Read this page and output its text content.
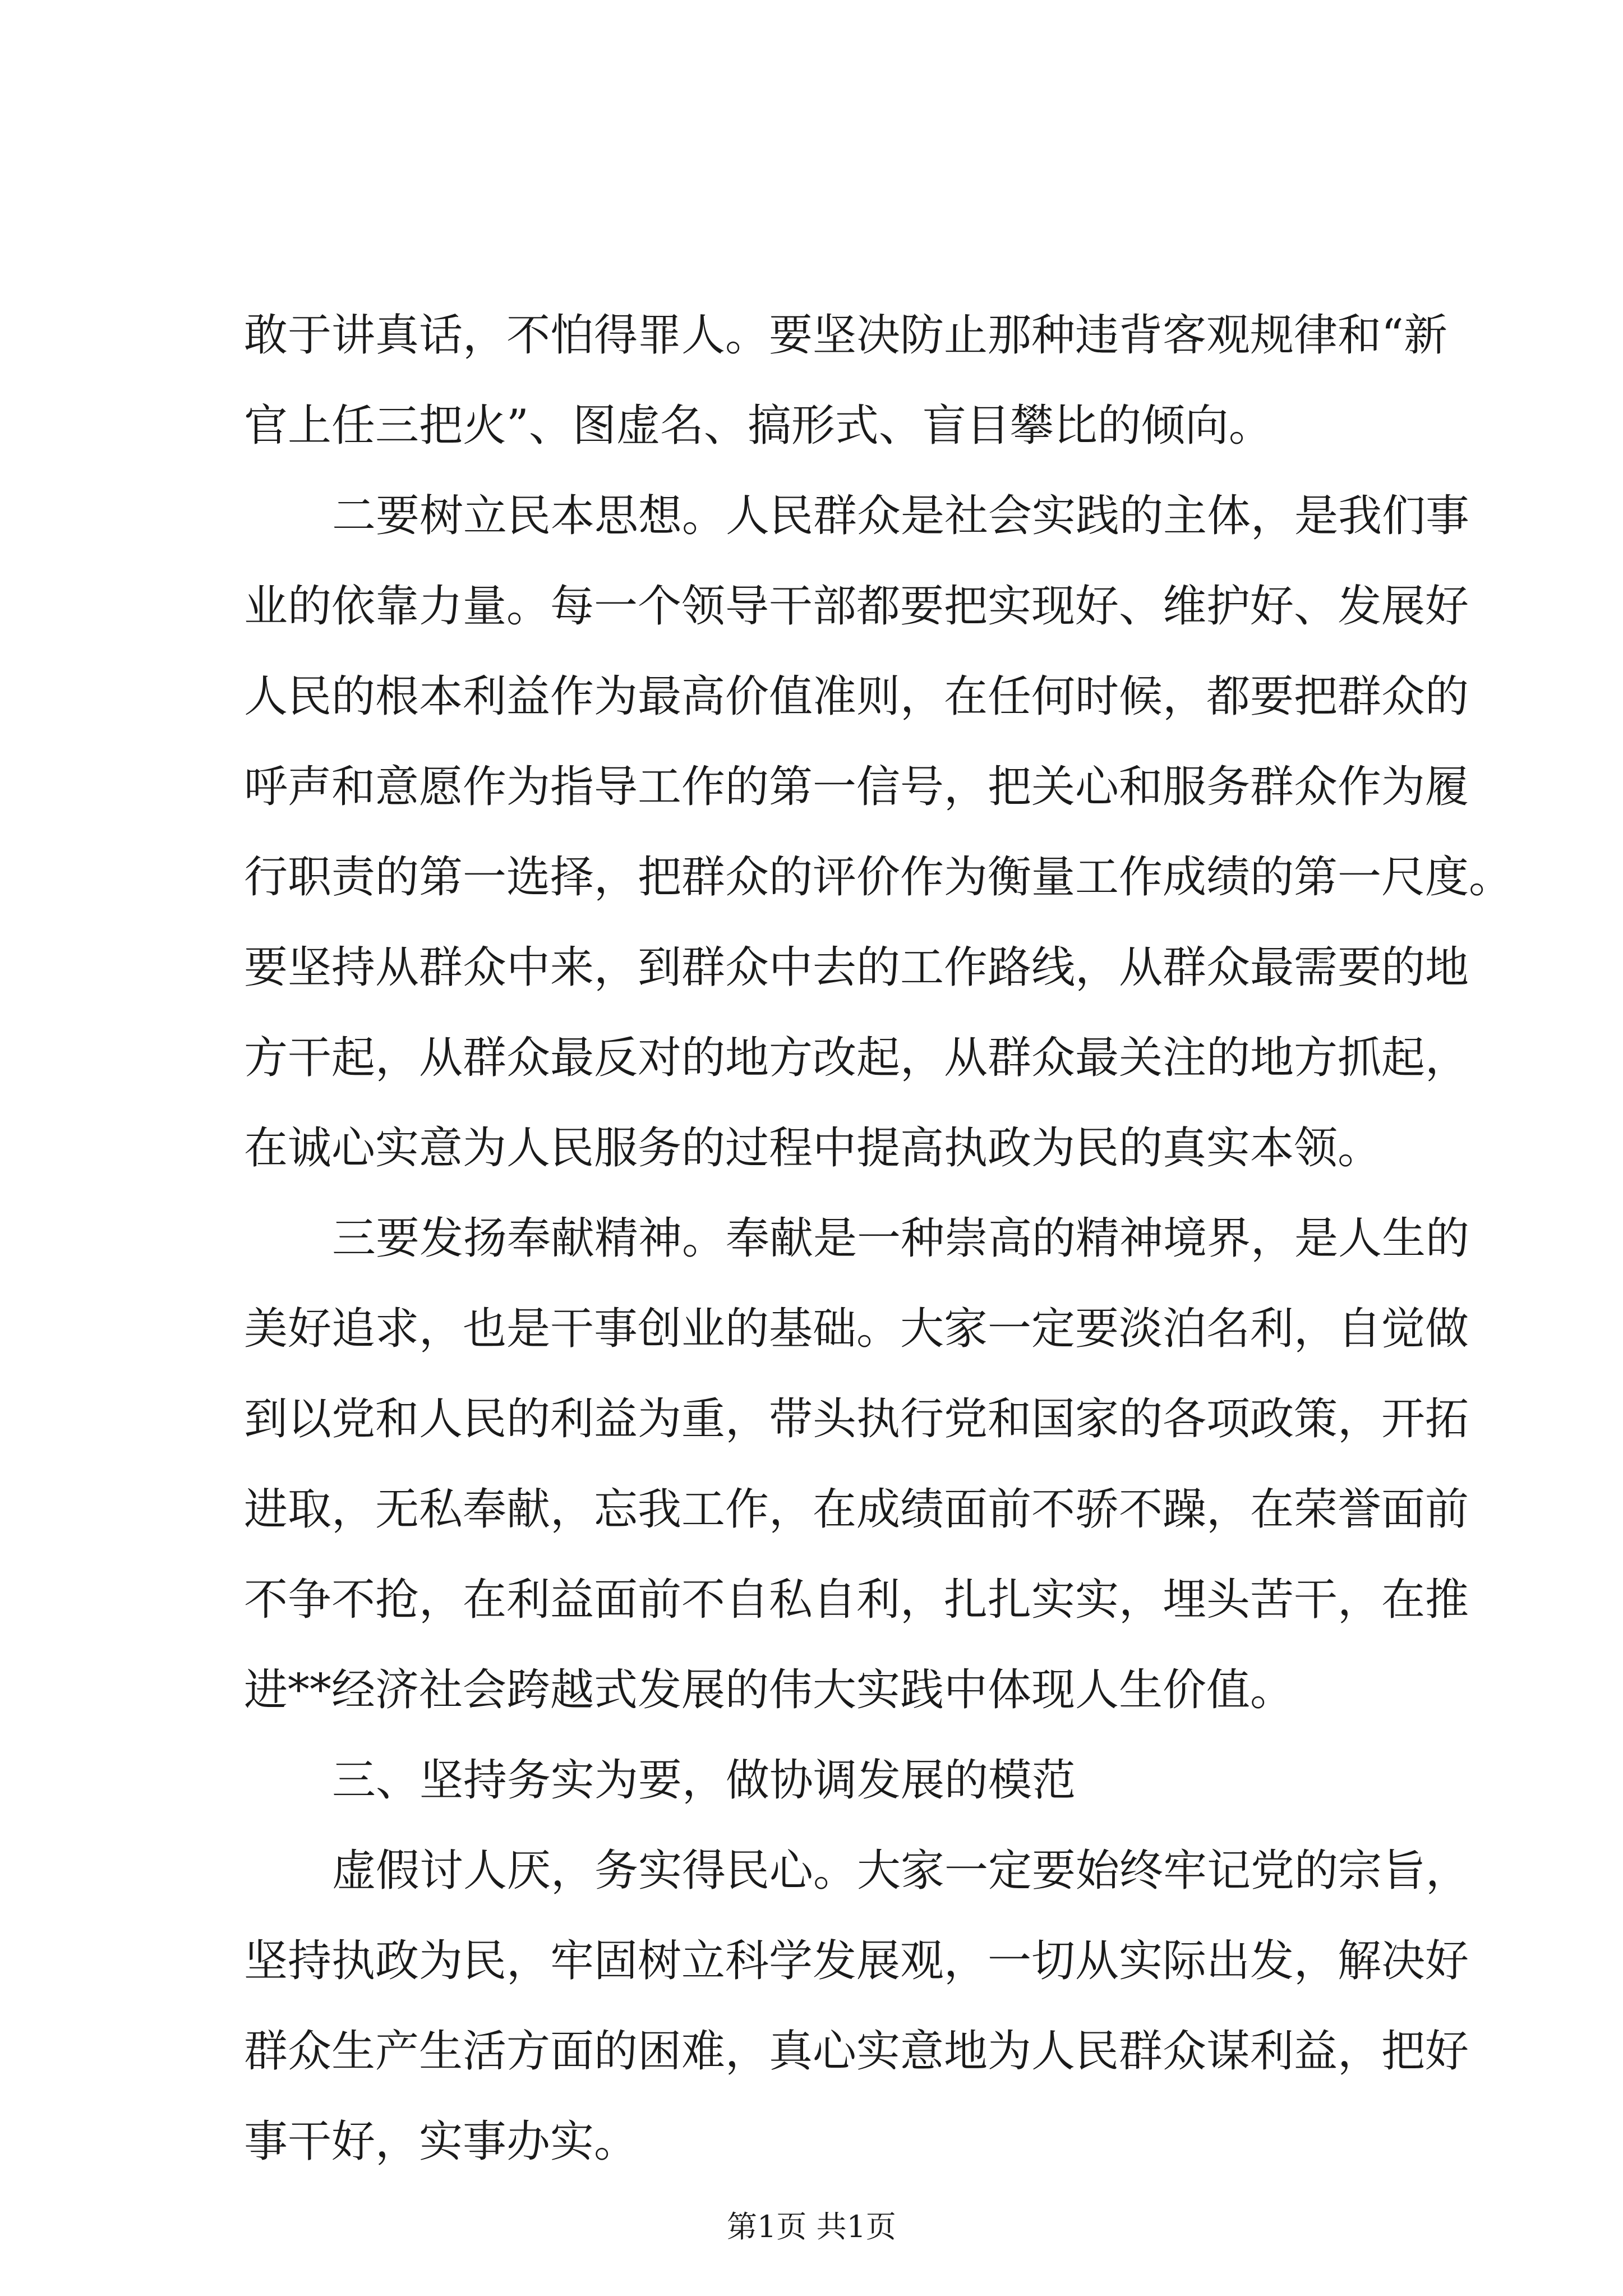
敢于讲真话，不怕得罪人。要坚决防止那种违背客观规律和“新
官上任三把火”、图虚名、搞形式、盲目攀比的倾向。
二要树立民本思想。人民群众是社会实践的主体，是我们事
业的依靠力量。每一个领导干部都要把实现好、维护好、发展好
人民的根本利益作为最高价值准则，在任何时候，都要把群众的
呼声和意愿作为指导工作的第一信号，把关心和服务群众作为履
行职责的第一选择，把群众的评价作为衡量工作成绩的第一尺度。
要坚持从群众中来，到群众中去的工作路线，从群众最需要的地
方干起，从群众最反对的地方改起，从群众最关注的地方抓起，
在诚心实意为人民服务的过程中提高执政为民的真实本领。
三要发扬奉献精神。奉献是一种崇高的精神境界，是人生的
美好追求，也是干事创业的基础。大家一定要淡泊名利，自觉做
到以党和人民的利益为重，带头执行党和国家的各项政策，开拓
进取，无私奉献，忘我工作，在成绩面前不骄不躁，在荣誉面前
不争不抢，在利益面前不自私自利，扎扎实实，埋头苦干，在推
进**经济社会跨越式发展的伟大实践中体现人生价值。
三、坚持务实为要，做协调发展的模范
虚假讨人厌，务实得民心。大家一定要始终牢记党的宗旨，
坚持执政为民，牢固树立科学发展观，一切从实际出发，解决好
群众生产生活方面的困难，真心实意地为人民群众谋利益，把好
事干好，实事办实。
第1页 共1页
